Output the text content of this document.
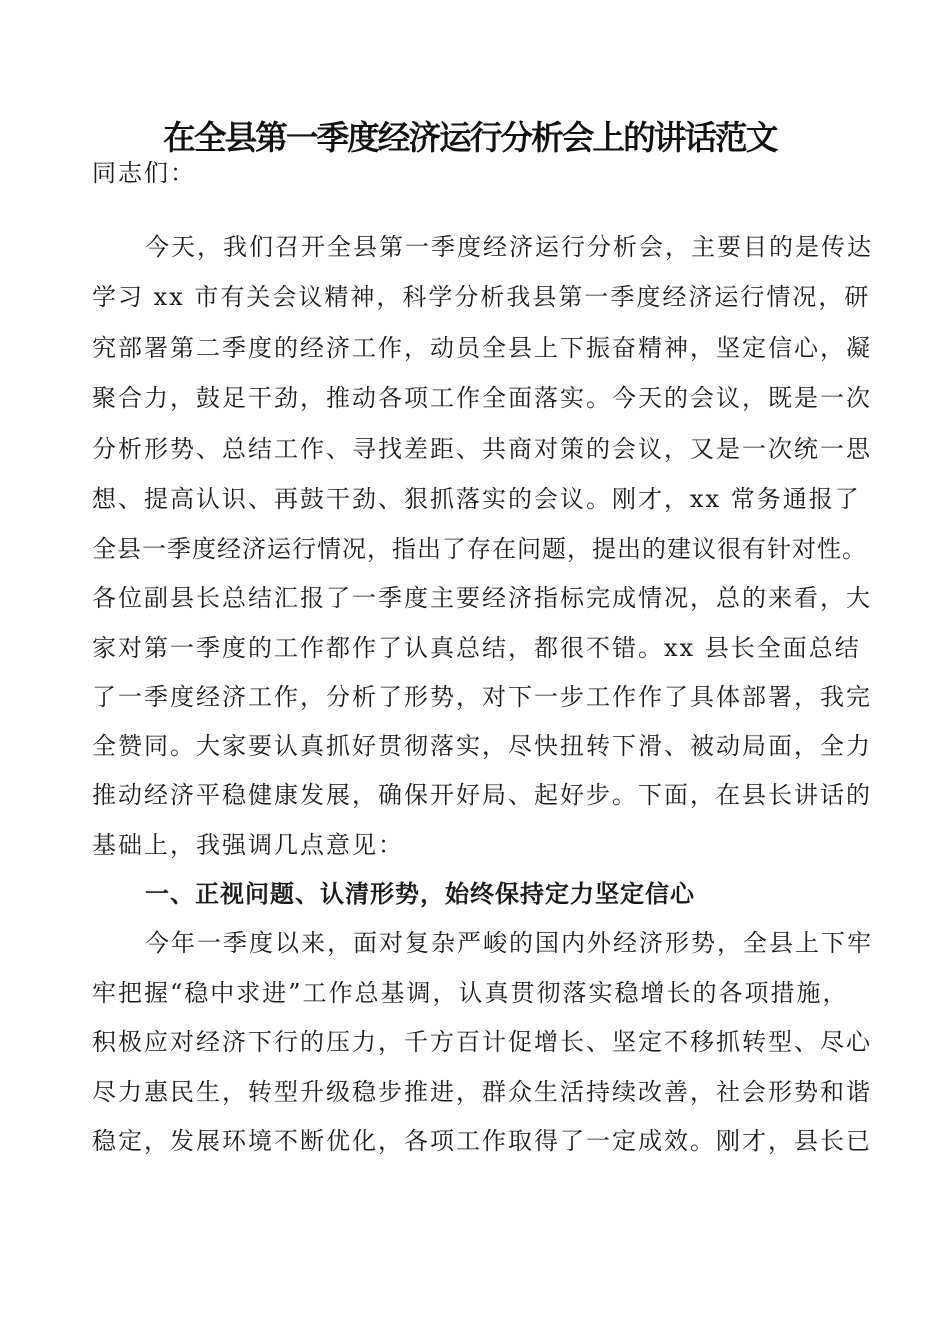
在全县第一季度经济运行分析会上的讲话范文
同志们：
今天，我们召开全县第一季度经济运行分析会，主要目的是传达
学习 xx 市有关会议精神，科学分析我县第一季度经济运行情况，研
究部署第二季度的经济工作，动员全县上下振奋精神，坚定信心，凝
聚合力，鼓足干劲，推动各项工作全面落实。今天的会议，既是一次
分析形势、总结工作、寻找差距、共商对策的会议，又是一次统一思
想、提高认识、再鼓干劲、狠抓落实的会议。刚才，xx 常务通报了
全县一季度经济运行情况，指出了存在问题，提出的建议很有针对性。
各位副县长总结汇报了一季度主要经济指标完成情况，总的来看，大
家对第一季度的工作都作了认真总结，都很不错。xx 县长全面总结
了一季度经济工作，分析了形势，对下一步工作作了具体部署，我完
全赞同。大家要认真抓好贯彻落实，尽快扭转下滑、被动局面，全力
推动经济平稳健康发展，确保开好局、起好步。下面，在县长讲话的
基础上，我强调几点意见：
一、正视问题、认清形势，始终保持定力坚定信心
今年一季度以来，面对复杂严峻的国内外经济形势，全县上下牢
牢把握“稳中求进”工作总基调，认真贯彻落实稳增长的各项措施，
积极应对经济下行的压力，千方百计促增长、坚定不移抓转型、尽心
尽力惠民生，转型升级稳步推进，群众生活持续改善，社会形势和谐
稳定，发展环境不断优化，各项工作取得了一定成效。刚才，县长已
